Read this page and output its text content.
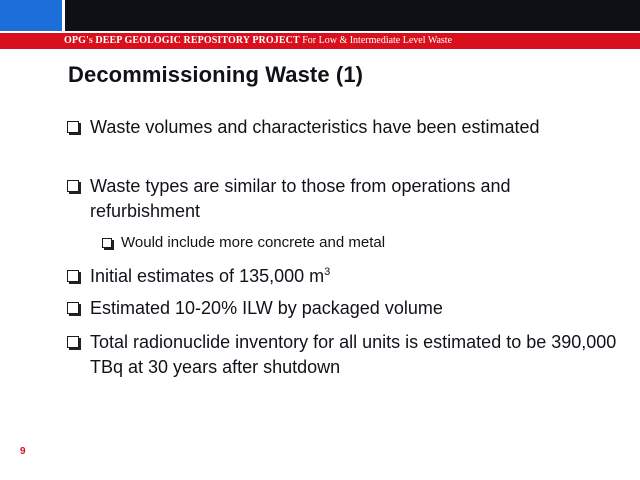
OPG's DEEP GEOLOGIC REPOSITORY PROJECT For Low & Intermediate Level Waste
Decommissioning Waste (1)
Waste volumes and characteristics have been estimated
Waste types are similar to those from operations and refurbishment
Would include more concrete and metal
Initial estimates of 135,000 $m^3$
Estimated 10-20% ILW by packaged volume
Total radionuclide inventory for all units is estimated to be 390,000 TBq at 30 years after shutdown
9
